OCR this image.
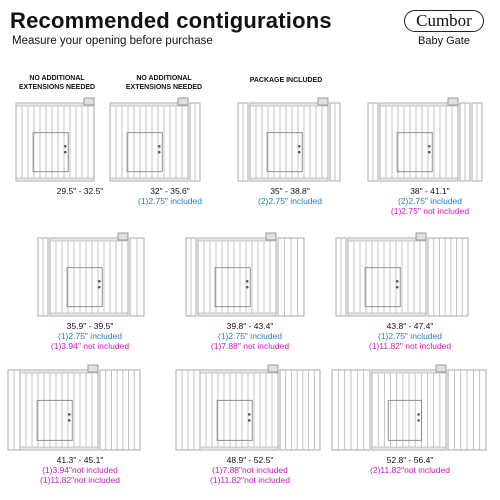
Recommended contigurations
Measure your opening before purchase
Cumbor
Baby Gate
NO ADDITIONAL EXTENSIONS NEEDED
NO ADDITIONAL EXTENSIONS NEEDED
PACKAGE INCLUDED
29.5" - 32.5"	32" - 35.6"
(1)2.75" included
35" - 38.8"
(2)2.75" included
38" - 41.1"
(2)2.75" included
(1)2.75" not included
35.9" - 39.5"
(1)2.75" included
(1)3.94" not included
39.8" - 43.4"
(1)2.75" included
(1)7.88" not included
43.8" - 47.4"
(1)2.75" included
(1)11.82" not included
41.3" - 45.1"
(1)3.94"not included
(1)11.82"not included
48.9" - 52.5"
(1)7.88"not included
(1)11.82"not included
52.8" - 56.4"
(2)11.82"not included
